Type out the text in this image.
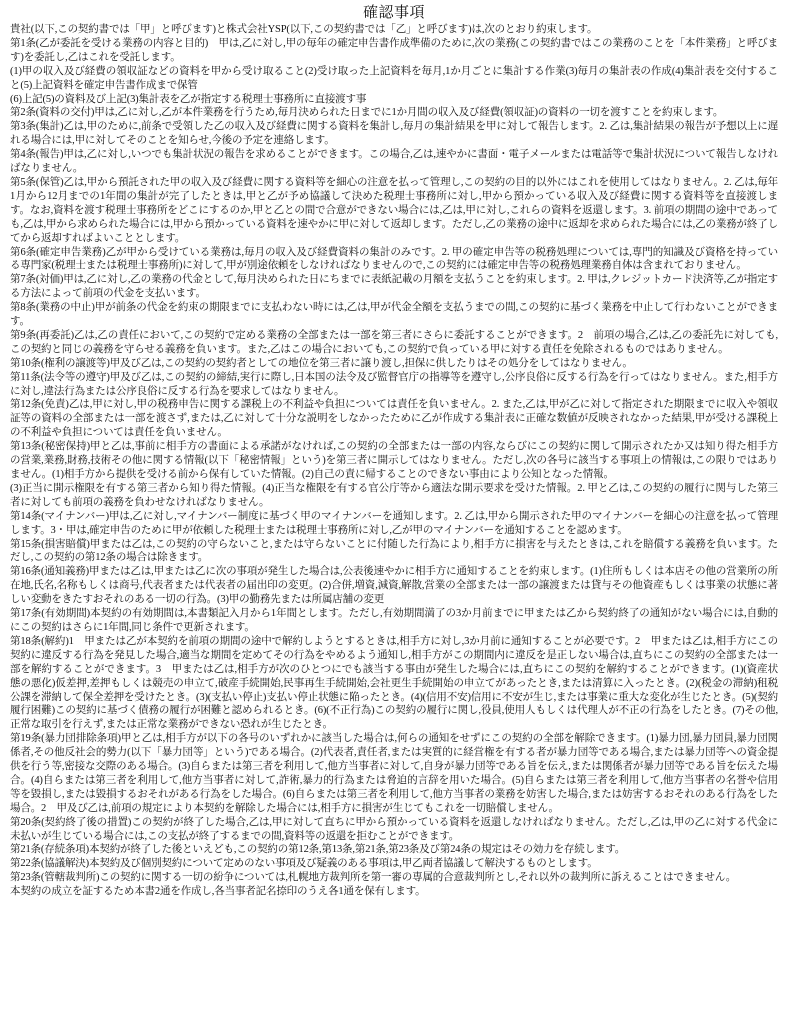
確認事項

貴社(以下,この契約書では「甲」と呼びます)と株式会社YSP(以下,この契約書では「乙」と呼びます)は,次のとおり約束します。

第1条(乙が委託を受ける業務の内容と目的)　甲は,乙に対し,甲の毎年の確定申告書作成準備のために,次の業務(この契約書ではこの業務のことを「本件業務」と呼びます)を委託し,乙はこれを受託します。

(1)甲の収入及び経費の領収証などの資料を甲から受け取ること(2)受け取った上記資料を毎月,1か月ごとに集計する作業(3)毎月の集計表の作成(4)集計表を交付すること(5)上記資料を確定申告書作成まで保管

(6)上記(5)の資料及び上記(3)集計表を乙が指定する税理士事務所に直接渡す事

第2条(資料の交付)甲は,乙に対し,乙が本件業務を行うため,毎月決められた日までに1か月間の収入及び経費(領収証)の資料の一切を渡すことを約束します。

第3条(集計)乙は,甲のために,前条で受領した乙の収入及び経費に関する資料を集計し,毎月の集計結果を甲に対して報告します。2. 乙は,集計結果の報告が予想以上に遅れる場合には,甲に対してそのことを知らせ,今後の予定を連絡します。

第4条(報告)甲は,乙に対し,いつでも集計状況の報告を求めることができます。この場合,乙は,速やかに書面・電子メールまたは電話等で集計状況について報告しなければなりません。

第5条(保管)乙は,甲から預託された甲の収入及び経費に関する資料等を細心の注意を払って管理し,この契約の目的以外にはこれを使用してはなりません。2. 乙は,毎年1月から12月までの1年間の集計が完了したときは,甲と乙が予め協議して決めた税理士事務所に対し,甲から預かっている収入及び経費に関する資料等を直接渡します。なお,資料を渡す税理士事務所をどこにするのか,甲と乙との間で合意ができない場合には,乙は,甲に対し,これらの資料を返還します。3. 前項の期間の途中であっても,乙は,甲から求められた場合には,甲から預かっている資料を速やかに甲に対して返却します。ただし,乙の業務の途中に返却を求められた場合には,乙の業務が終了してから返却すればよいこととします。

第6条(確定申告業務)乙が甲から受けている業務は,毎月の収入及び経費資料の集計のみです。2. 甲の確定申告等の税務処理については,専門的知識及び資格を持っている専門家(税理士または税理士事務所)に対して,甲が別途依頼をしなければなりませんので,この契約には確定申告等の税務処理業務自体は含まれておりません。

第7条(対価)甲は,乙に対し,乙の業務の代金として,毎月決められた日にちまでに表紙記載の月額を支払うことを約束します。2. 甲は,クレジットカード決済等,乙が指定する方法によって前項の代金を支払います。

第8条(業務の中止)甲が前条の代金を約束の期限までに支払わない時には,乙は,甲が代金全額を支払うまでの間,この契約に基づく業務を中止して行わないことができます。

第9条(再委託)乙は,乙の責任において,この契約で定める業務の全部または一部を第三者にさらに委託することができます。2　前項の場合,乙は,乙の委託先に対しても,この契約と同じの義務を守らせる義務を負います。また,乙はこの場合においても,この契約で負っている甲に対する責任を免除されるものではありません。

第10条(権利の譲渡等)甲及び乙は,この契約の契約者としての地位を第三者に譲り渡し,担保に供したりはその処分をしてはなりません。

第11条(法令等の遵守)甲及び乙は,この契約の締結,実行に際し,日本国の法令及び監督官庁の指導等を遵守し,公序良俗に反する行為を行ってはなりません。また,相手方に対し,違法行為または公序良俗に反する行為を要求してはなりません。

第12条(免責)乙は,甲に対し,甲の税務申告に関する課税上の不利益や負担については責任を負いません。2. また,乙は,甲が乙に対して指定された期限までに収入や領収証等の資料の全部または一部を渡さず,または,乙に対して十分な説明をしなかったために乙が作成する集計表に正確な数値が反映されなかった結果,甲が受ける課税上の不利益や負担については責任を負いません。

第13条(秘密保持)甲と乙は,事前に相手方の書面による承諾がなければ,この契約の全部または一部の内容,ならびにこの契約に関して開示されたか又は知り得た相手方の営業,業務,財務,技術その他に関する情報(以下「秘密情報」という)を第三者に開示してはなりません。ただし,次の各号に該当する事項上の情報は,この限りではありません。(1)相手方から提供を受ける前から保有していた情報。(2)自己の責に帰することのできない事由により公知となった情報。

(3)正当に開示権限を有する第三者から知り得た情報。(4)正当な権限を有する官公庁等から適法な開示要求を受けた情報。2. 甲と乙は,この契約の履行に関与した第三者に対しても前項の義務を負わせなければなりません。

第14条(マイナンバー)甲は,乙に対し,マイナンバー制度に基づく甲のマイナンバーを通知します。2. 乙は,甲から開示された甲のマイナンバーを細心の注意を払って管理します。3・甲は,確定申告のために甲が依頼した税理士または税理士事務所に対し,乙が甲のマイナンバーを通知することを認めます。

第15条(損害賠償)甲または乙は,この契約の守らないこと,または守らないことに付随した行為により,相手方に損害を与えたときは,これを賠償する義務を負います。ただし,この契約の第12条の場合は除きます。

第16条(通知義務)甲または乙は,甲または乙に次の事項が発生した場合は,公表後速やかに相手方に通知することを約束します。(1)住所もしくは本店その他の営業所の所在地,氏名,名称もしくは商号,代表者または代表者の届出印の変更。(2)合併,増資,減資,解散,営業の全部または一部の譲渡または貸与その他資産もしくは事業の状態に著しい変動をきたすおそれのある一切の行為。(3)甲の勤務先または所属店舗の変更

第17条(有効期間)本契約の有効期間は,本書類記入月から1年間とします。ただし,有効期間満了の3か月前までに甲または乙から契約終了の通知がない場合には,自動的にこの契約はさらに1年間,同じ条件で更新されます。

第18条(解約)1　甲または乙が本契約を前項の期間の途中で解約しようとするときは,相手方に対し,3か月前に通知することが必要です。2　甲または乙は,相手方にこの契約に違反する行為を発見した場合,適当な期間を定めてその行為をやめるよう通知し,相手方がこの期間内に違反を是正しない場合は,直ちにこの契約の全部または一部を解約することができます。3　甲または乙は,相手方が次のひとつにでも該当する事由が発生した場合には,直ちにこの契約を解約することができます。(1)(資産状態の悪化)仮差押,差押もしくは競売の申立て,破産手続開始,民事再生手続開始,会社更生手続開始の申立てがあったとき,または清算に入ったとき。(2)(税金の滞納)租税公課を滞納して保全差押を受けたとき。(3)(支払い停止)支払い停止状態に陥ったとき。(4)(信用不安)信用に不安が生じ,または事業に重大な変化が生じたとき。(5)(契約履行困難)この契約に基づく債務の履行が困難と認められるとき。(6)(不正行為)この契約の履行に関し,役員,使用人もしくは代理人が不正の行為をしたとき。(7)その他,正常な取引を行えず,または正常な業務ができない恐れが生じたとき。

第19条(暴力団排除条項)甲と乙は,相手方が以下の各号のいずれかに該当した場合は,何らの通知をせずにこの契約の全部を解除できます。(1)暴力団,暴力団員,暴力団関係者,その他反社会的勢力(以下「暴力団等」という)である場合。(2)代表者,責任者,または実質的に経営権を有する者が暴力団等である場合,または暴力団等への資金提供を行う等,密接な交際のある場合。(3)自らまたは第三者を利用して,他方当事者に対して,自身が暴力団等である旨を伝え,または関係者が暴力団等である旨を伝えた場合。(4)自らまたは第三者を利用して,他方当事者に対して,詐術,暴力的行為または脅迫的言辞を用いた場合。(5)自らまたは第三者を利用して,他方当事者の名誉や信用等を毀損し,または毀損するおそれがある行為をした場合。(6)自らまたは第三者を利用して,他方当事者の業務を妨害した場合,または妨害するおそれのある行為をした場合。2　甲及び乙は,前項の規定により本契約を解除した場合には,相手方に損害が生じてもこれを一切賠償しません。

第20条(契約終了後の措置)この契約が終了した場合,乙は,甲に対して直ちに甲から預かっている資料を返還しなければなりません。ただし,乙は,甲の乙に対する代金に未払いが生じている場合には,この支払が終了するまでの間,資料等の返還を拒むことができます。

第21条(存続条項)本契約が終了した後といえども,この契約の第12条,第13条,第21条,第23条及び第24条の規定はその効力を存続します。

第22条(協議解決)本契約及び個別契約について定めのない事項及び疑義のある事項は,甲乙両者協議して解決するものとします。

第23条(管轄裁判所)この契約に関する一切の紛争については,札幌地方裁判所を第一審の専属的合意裁判所とし,それ以外の裁判所に訴えることはできません。

本契約の成立を証するため本書2通を作成し,各当事者記名捺印のうえ各1通を保有します。
